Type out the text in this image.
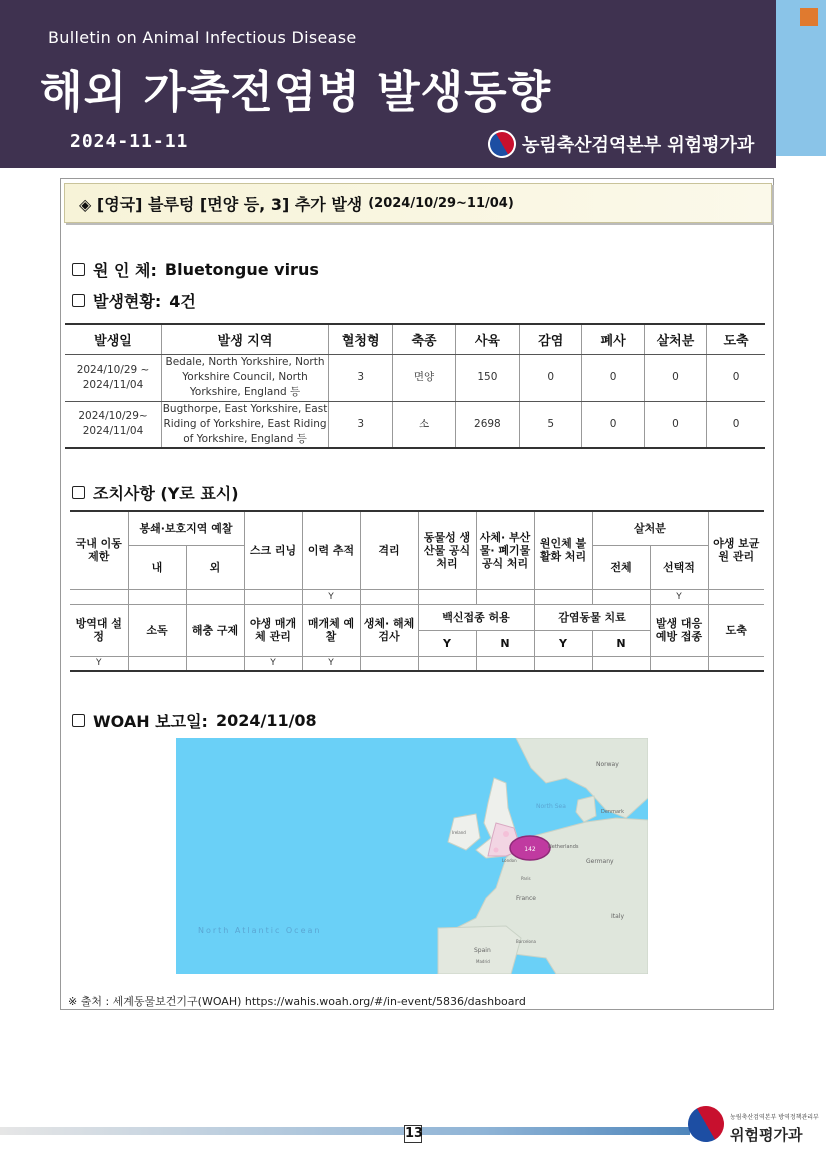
Bulletin on Animal Infectious Disease
해외 가축전염병 발생동향
2024-11-11	농림축산검역본부 위험평가과
◈ [영국] 블루텅 [면양 등, 3] 추가 발생 (2024/10/29~11/04)
원 인 체: Bluetongue virus
발생현황: 4건
발생일	발생 지역	혈청형	축종	사육	감염	폐사	살처분	도축
2024/10/29 ~ 2024/11/04	Bedale, North Yorkshire, North Yorkshire Council, North Yorkshire, England 등	3	면양	150	0	0	0	0
2024/10/29~ 2024/11/04	Bugthorpe, East Yorkshire, East Riding of Yorkshire, East Riding of Yorkshire, England 등	3	소	2698	5	0	0	0
조치사항 (Y로 표시)
국내 이동 제한	봉쇄·보호지역 예찰		스크 리닝	이력 추적	격리	동물성 생산물 공식 처리	사체· 부산물· 폐기물 공식 처리	원인체 불활화 처리	살처분		야생 보균원 관리
	내	외							전체	선택적	
				Y						Y	
방역대 설정	소독	해충 구제	야생 매개체 관리	매개체 예찰	생체· 해체 검사	백신접종 허용		감염동물 치료		발생 대응 예방 접종	도축
						Y	N	Y	N		
Y			Y	Y							
WOAH 보고일: 2024/11/08
142
North Atlantic Ocean
Norway
North Sea
Denmark
Germany
Netherlands
France
Spain
Italy
London
Paris
Madrid
Barcelona
Ireland
※ 출처 : 세계동물보건기구(WOAH) https://wahis.woah.org/#/in-event/5836/dashboard
13
농림축산검역본부 방역정책관리부
위험평가과
